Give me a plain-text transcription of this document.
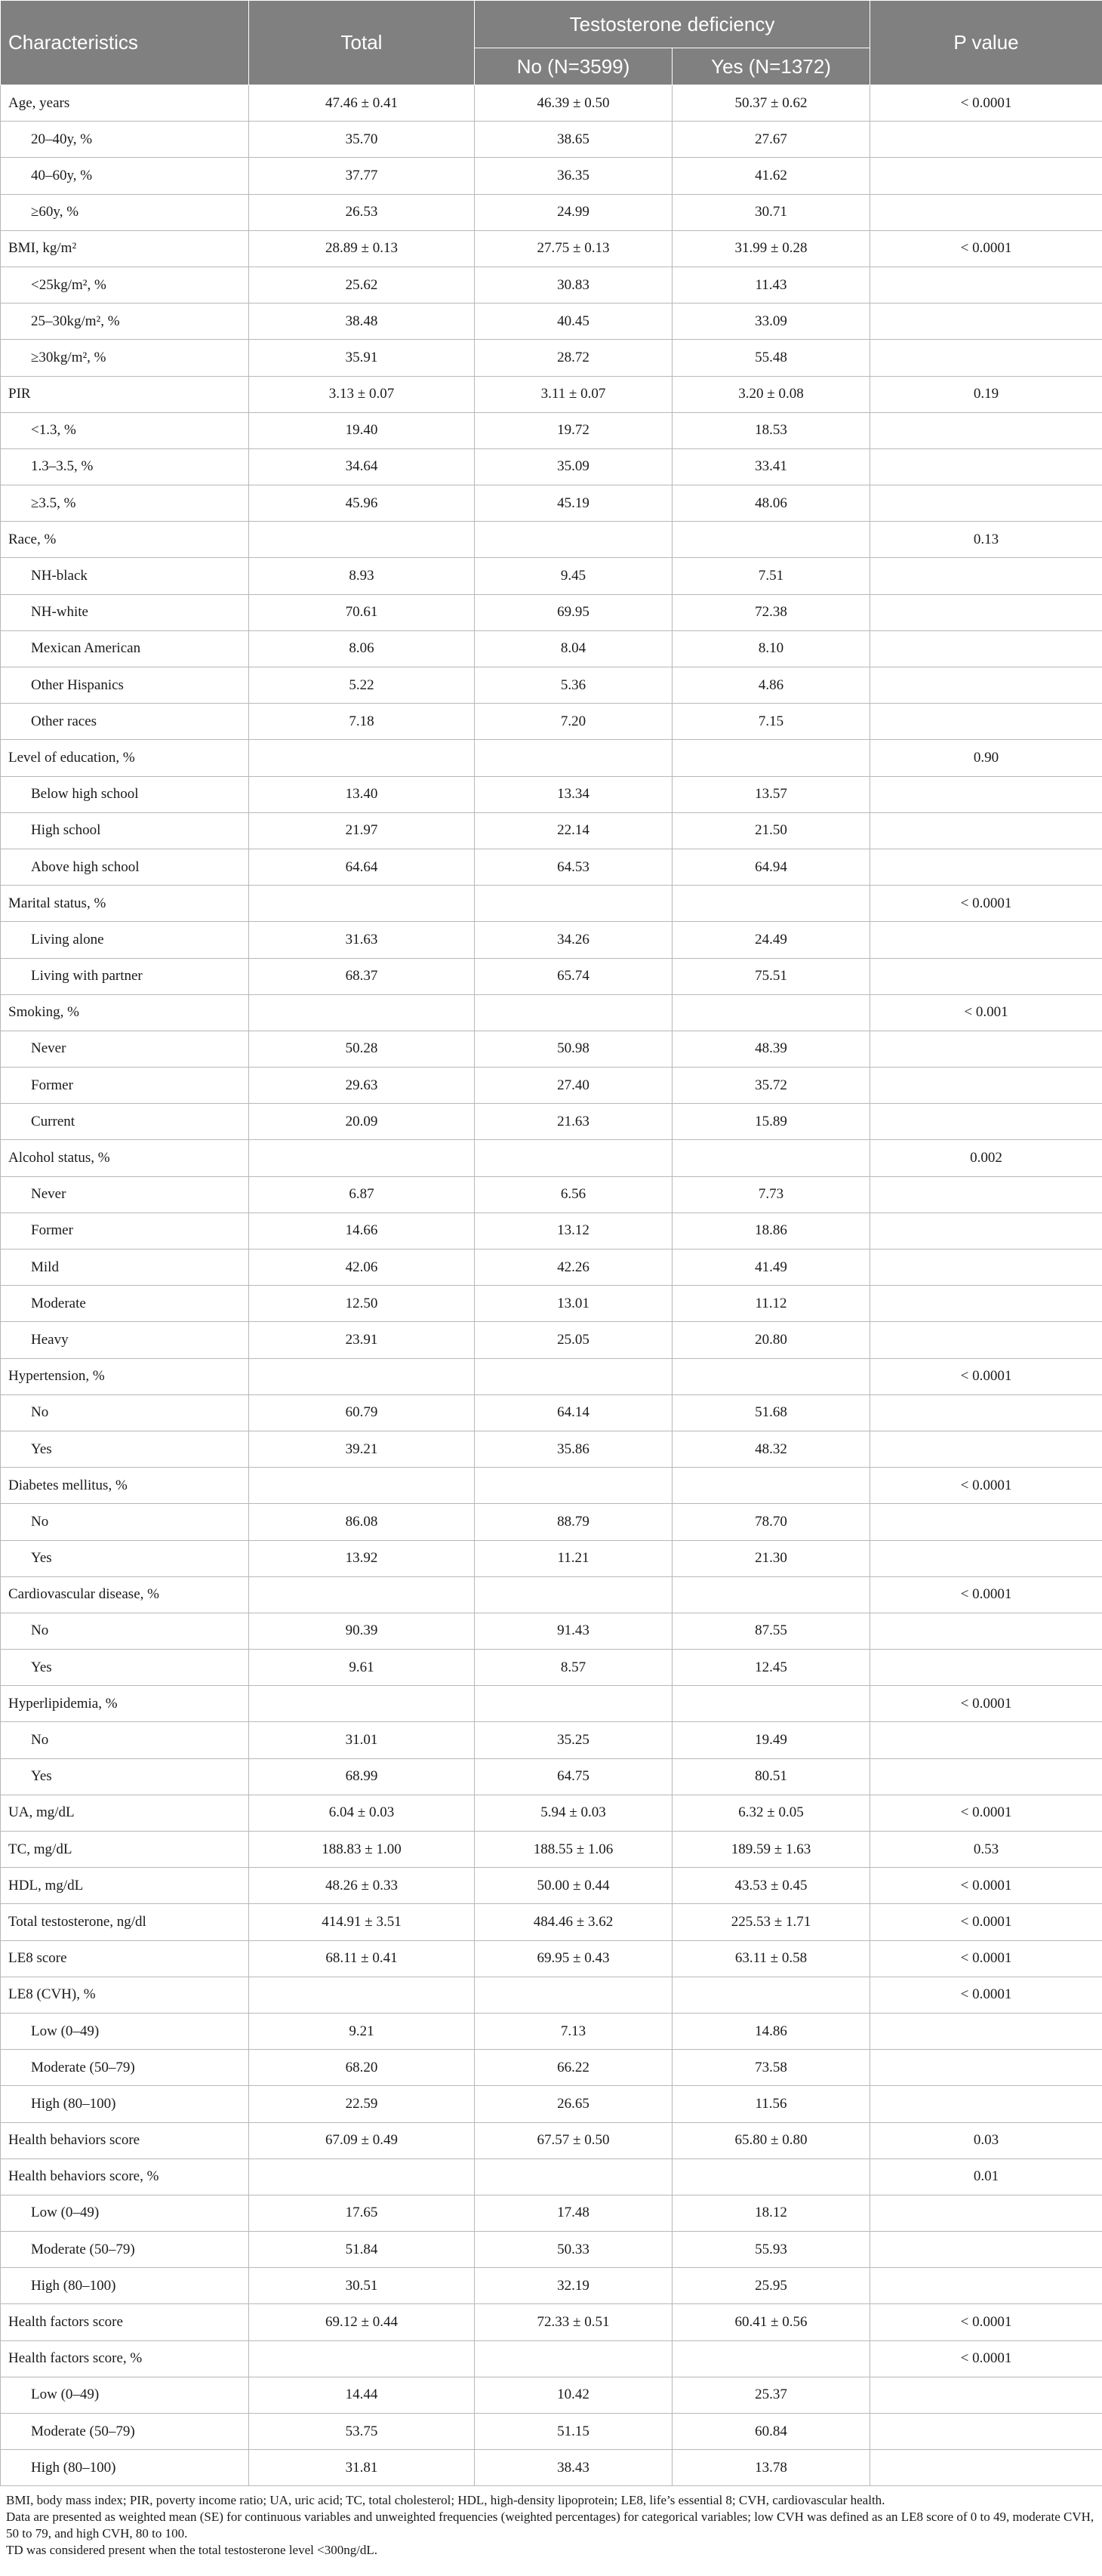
Characteristics	Total	Testosterone deficiency		P value
		No (N=3599)	Yes (N=1372)	
Age, years	47.46 ± 0.41	46.39 ± 0.50	50.37 ± 0.62	< 0.0001
20–40y, %	35.70	38.65	27.67	
40–60y, %	37.77	36.35	41.62	
≥60y, %	26.53	24.99	30.71	
BMI, kg/m²	28.89 ± 0.13	27.75 ± 0.13	31.99 ± 0.28	< 0.0001
<25kg/m², %	25.62	30.83	11.43	
25–30kg/m², %	38.48	40.45	33.09	
≥30kg/m², %	35.91	28.72	55.48	
PIR	3.13 ± 0.07	3.11 ± 0.07	3.20 ± 0.08	0.19
<1.3, %	19.40	19.72	18.53	
1.3–3.5, %	34.64	35.09	33.41	
≥3.5, %	45.96	45.19	48.06	
Race, %				0.13
NH-black	8.93	9.45	7.51	
NH-white	70.61	69.95	72.38	
Mexican American	8.06	8.04	8.10	
Other Hispanics	5.22	5.36	4.86	
Other races	7.18	7.20	7.15	
Level of education, %				0.90
Below high school	13.40	13.34	13.57	
High school	21.97	22.14	21.50	
Above high school	64.64	64.53	64.94	
Marital status, %				< 0.0001
Living alone	31.63	34.26	24.49	
Living with partner	68.37	65.74	75.51	
Smoking, %				< 0.001
Never	50.28	50.98	48.39	
Former	29.63	27.40	35.72	
Current	20.09	21.63	15.89	
Alcohol status, %				0.002
Never	6.87	6.56	7.73	
Former	14.66	13.12	18.86	
Mild	42.06	42.26	41.49	
Moderate	12.50	13.01	11.12	
Heavy	23.91	25.05	20.80	
Hypertension, %				< 0.0001
No	60.79	64.14	51.68	
Yes	39.21	35.86	48.32	
Diabetes mellitus, %				< 0.0001
No	86.08	88.79	78.70	
Yes	13.92	11.21	21.30	
Cardiovascular disease, %				< 0.0001
No	90.39	91.43	87.55	
Yes	9.61	8.57	12.45	
Hyperlipidemia, %				< 0.0001
No	31.01	35.25	19.49	
Yes	68.99	64.75	80.51	
UA, mg/dL	6.04 ± 0.03	5.94 ± 0.03	6.32 ± 0.05	< 0.0001
TC, mg/dL	188.83 ± 1.00	188.55 ± 1.06	189.59 ± 1.63	0.53
HDL, mg/dL	48.26 ± 0.33	50.00 ± 0.44	43.53 ± 0.45	< 0.0001
Total testosterone, ng/dl	414.91 ± 3.51	484.46 ± 3.62	225.53 ± 1.71	< 0.0001
LE8 score	68.11 ± 0.41	69.95 ± 0.43	63.11 ± 0.58	< 0.0001
LE8 (CVH), %				< 0.0001
Low (0–49)	9.21	7.13	14.86	
Moderate (50–79)	68.20	66.22	73.58	
High (80–100)	22.59	26.65	11.56	
Health behaviors score	67.09 ± 0.49	67.57 ± 0.50	65.80 ± 0.80	0.03
Health behaviors score, %				0.01
Low (0–49)	17.65	17.48	18.12	
Moderate (50–79)	51.84	50.33	55.93	
High (80–100)	30.51	32.19	25.95	
Health factors score	69.12 ± 0.44	72.33 ± 0.51	60.41 ± 0.56	< 0.0001
Health factors score, %				< 0.0001
Low (0–49)	14.44	10.42	25.37	
Moderate (50–79)	53.75	51.15	60.84	
High (80–100)	31.81	38.43	13.78	

BMI, body mass index; PIR, poverty income ratio; UA, uric acid; TC, total cholesterol; HDL, high-density lipoprotein; LE8, life’s essential 8; CVH, cardiovascular health.

Data are presented as weighted mean (SE) for continuous variables and unweighted frequencies (weighted percentages) for categorical variables; low CVH was defined as an LE8 score of 0 to 49, moderate CVH, 50 to 79, and high CVH, 80 to 100.

TD was considered present when the total testosterone level <300ng/dL.
